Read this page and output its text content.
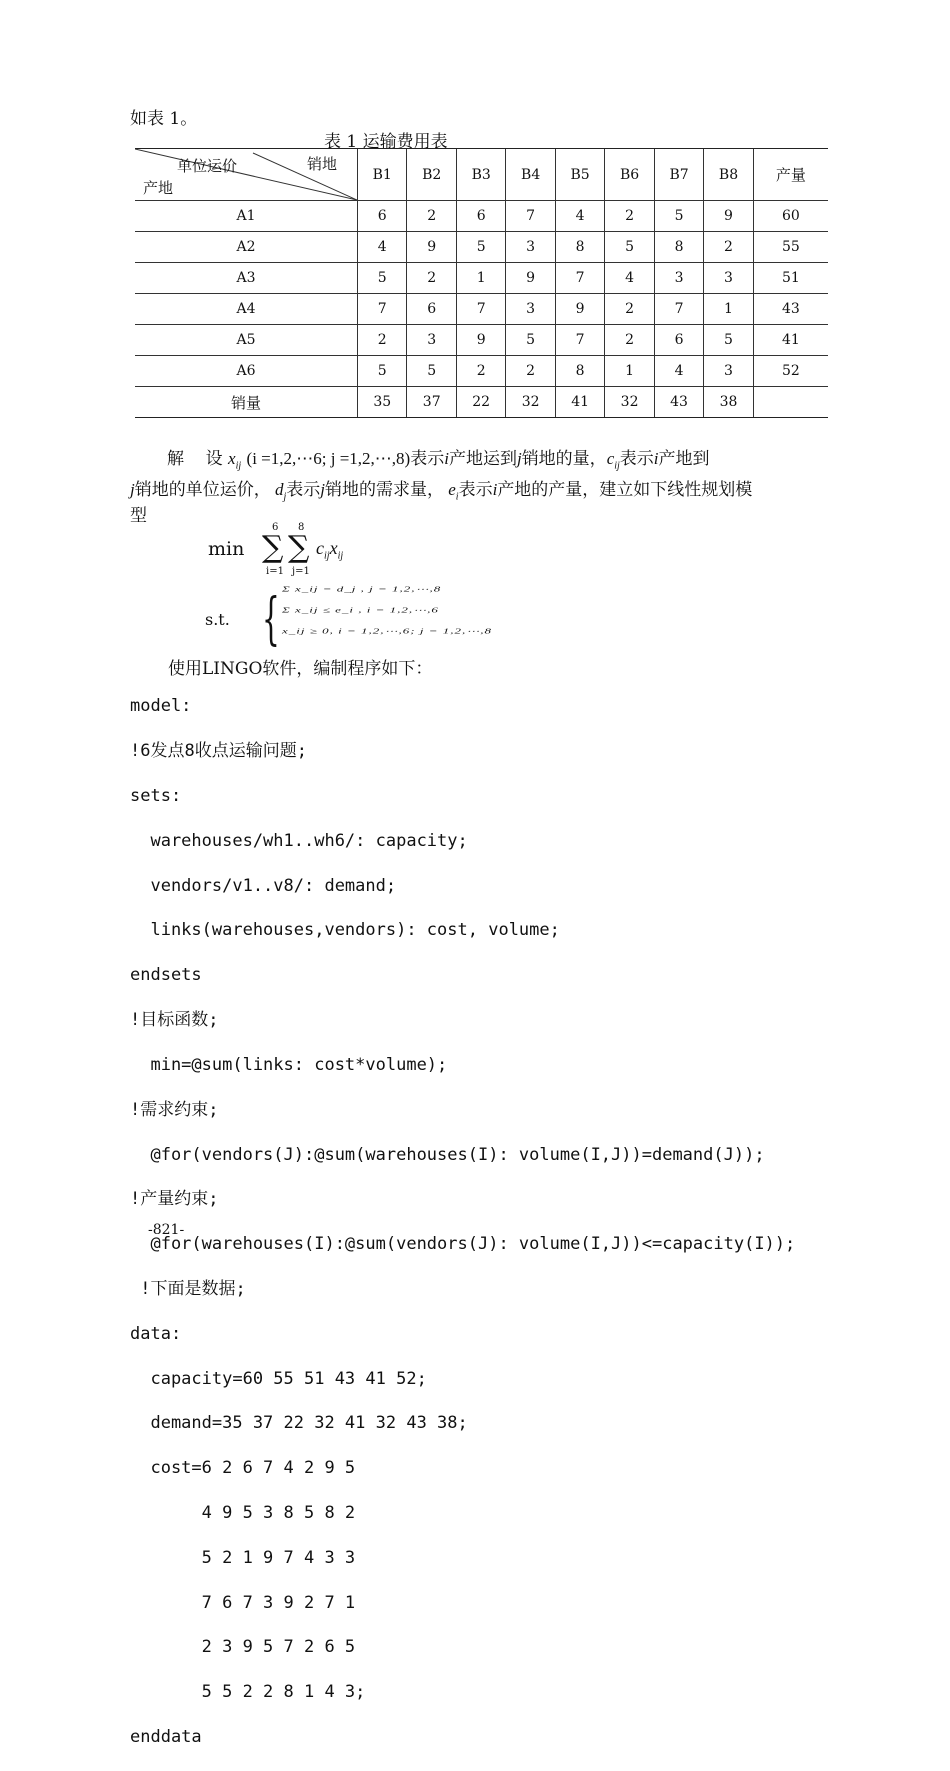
如表 1。
表 1 运输费用表
单位运价 销地
产地	B1	B2	B3	B4	B5	B6	B7	B8	产量
A1	6	2	6	7	4	2	5	9	60
A2	4	9	5	3	8	5	8	2	55
A3	5	2	1	9	7	4	3	3	51
A4	7	6	7	3	9	2	7	1	43
A5	2	3	9	5	7	2	6	5	41
A6	5	5	2	2	8	1	4	3	52
销量	35	37	22	32	41	32	43	38	
解 设 $x_{ij}$ (i =1,2,⋯6; j =1,2,⋯,8)表示i产地运到j销地的量，$c_{ij}$表示i产地到
j销地的单位运价， $d_j$表示j销地的需求量， $e_i$表示i产地的产量，建立如下线性规划模
型
min
6
∑
i=1
8
∑
j=1
$c_{ij}x_{ij}$
s.t. { Σ x_ij = d_j , j = 1,2,⋯,8
Σ x_ij ≤ e_i , i = 1,2,⋯,6
x_ij ≥ 0, i = 1,2,⋯,6; j = 1,2,⋯,8
使用LINGO软件，编制程序如下：

model:

!6发点8收点运输问题;

sets:

warehouses/wh1..wh6/: capacity;

vendors/v1..v8/: demand;

links(warehouses,vendors): cost, volume;

endsets

!目标函数;

min=@sum(links: cost*volume);

!需求约束;

@for(vendors(J):@sum(warehouses(I): volume(I,J))=demand(J));

!产量约束;

@for(warehouses(I):@sum(vendors(J): volume(I,J))<=capacity(I));

!下面是数据;

data:

capacity=60 55 51 43 41 52;

demand=35 37 22 32 41 32 43 38;

cost=6 2 6 7 4 2 9 5

4 9 5 3 8 5 8 2

5 2 1 9 7 4 3 3

7 6 7 3 9 2 7 1

2 3 9 5 7 2 6 5

5 5 2 2 8 1 4 3;

enddata

-821-
